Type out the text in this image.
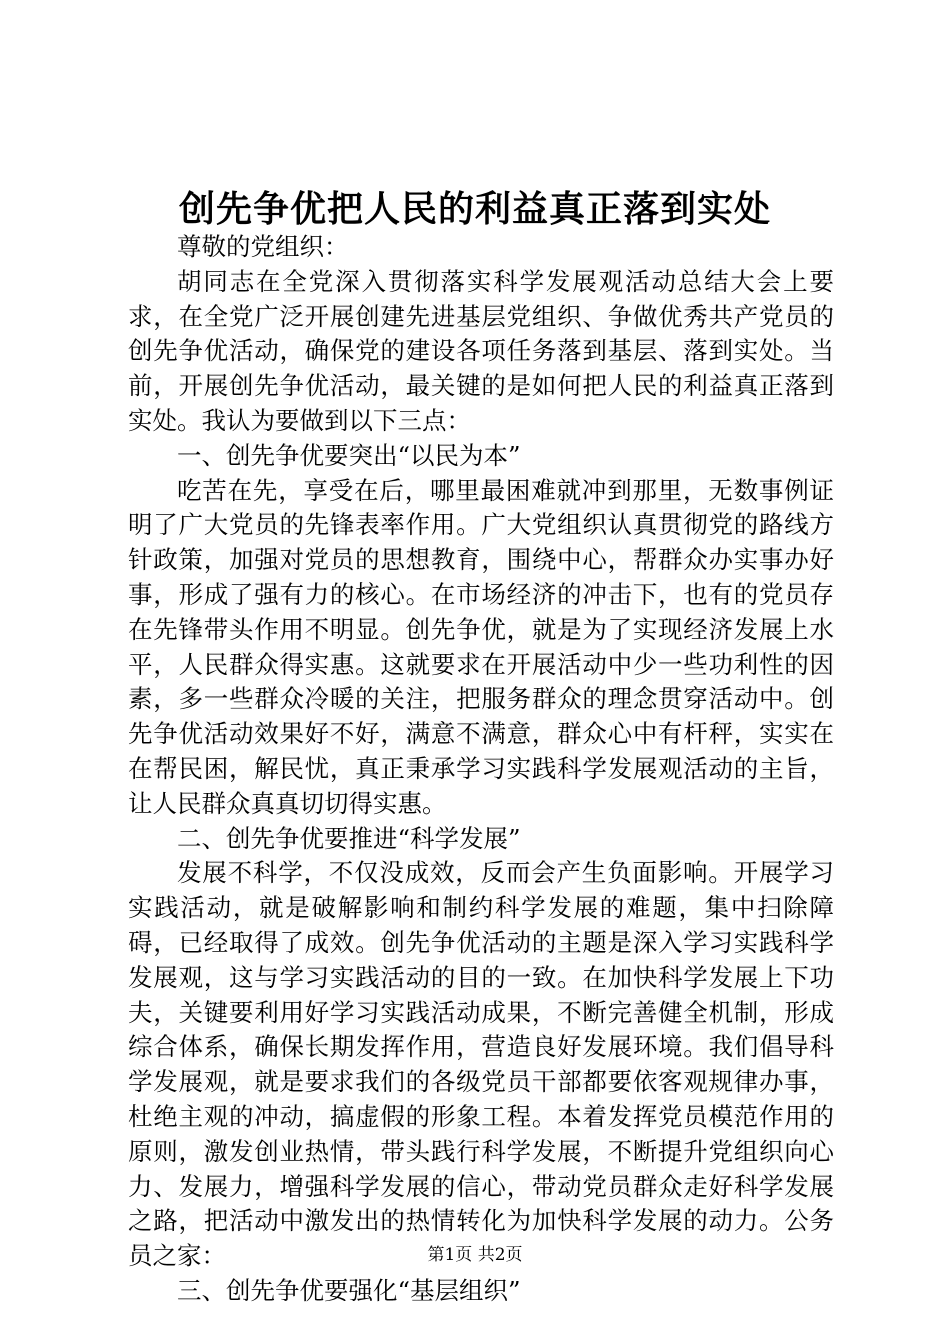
创先争优把人民的利益真正落到实处

尊敬的党组织：

胡同志在全党深入贯彻落实科学发展观活动总结大会上要求，在全党广泛开展创建先进基层党组织、争做优秀共产党员的创先争优活动，确保党的建设各项任务落到基层、落到实处。当前，开展创先争优活动，最关键的是如何把人民的利益真正落到实处。我认为要做到以下三点：

一、创先争优要突出“以民为本”

吃苦在先，享受在后，哪里最困难就冲到那里，无数事例证明了广大党员的先锋表率作用。广大党组织认真贯彻党的路线方针政策，加强对党员的思想教育，围绕中心，帮群众办实事办好事，形成了强有力的核心。在市场经济的冲击下，也有的党员存在先锋带头作用不明显。创先争优，就是为了实现经济发展上水平，人民群众得实惠。这就要求在开展活动中少一些功利性的因素，多一些群众冷暖的关注，把服务群众的理念贯穿活动中。创先争优活动效果好不好，满意不满意，群众心中有杆秤，实实在在帮民困，解民忧，真正秉承学习实践科学发展观活动的主旨，让人民群众真真切切得实惠。

二、创先争优要推进“科学发展”

发展不科学，不仅没成效，反而会产生负面影响。开展学习实践活动，就是破解影响和制约科学发展的难题，集中扫除障碍，已经取得了成效。创先争优活动的主题是深入学习实践科学发展观，这与学习实践活动的目的一致。在加快科学发展上下功夫，关键要利用好学习实践活动成果，不断完善健全机制，形成综合体系，确保长期发挥作用，营造良好发展环境。我们倡导科学发展观，就是要求我们的各级党员干部都要依客观规律办事，杜绝主观的冲动，搞虚假的形象工程。本着发挥党员模范作用的原则，激发创业热情，带头践行科学发展，不断提升党组织向心力、发展力，增强科学发展的信心，带动党员群众走好科学发展之路，把活动中激发出的热情转化为加快科学发展的动力。公务员之家：

三、创先争优要强化“基层组织”

第1页 共2页
